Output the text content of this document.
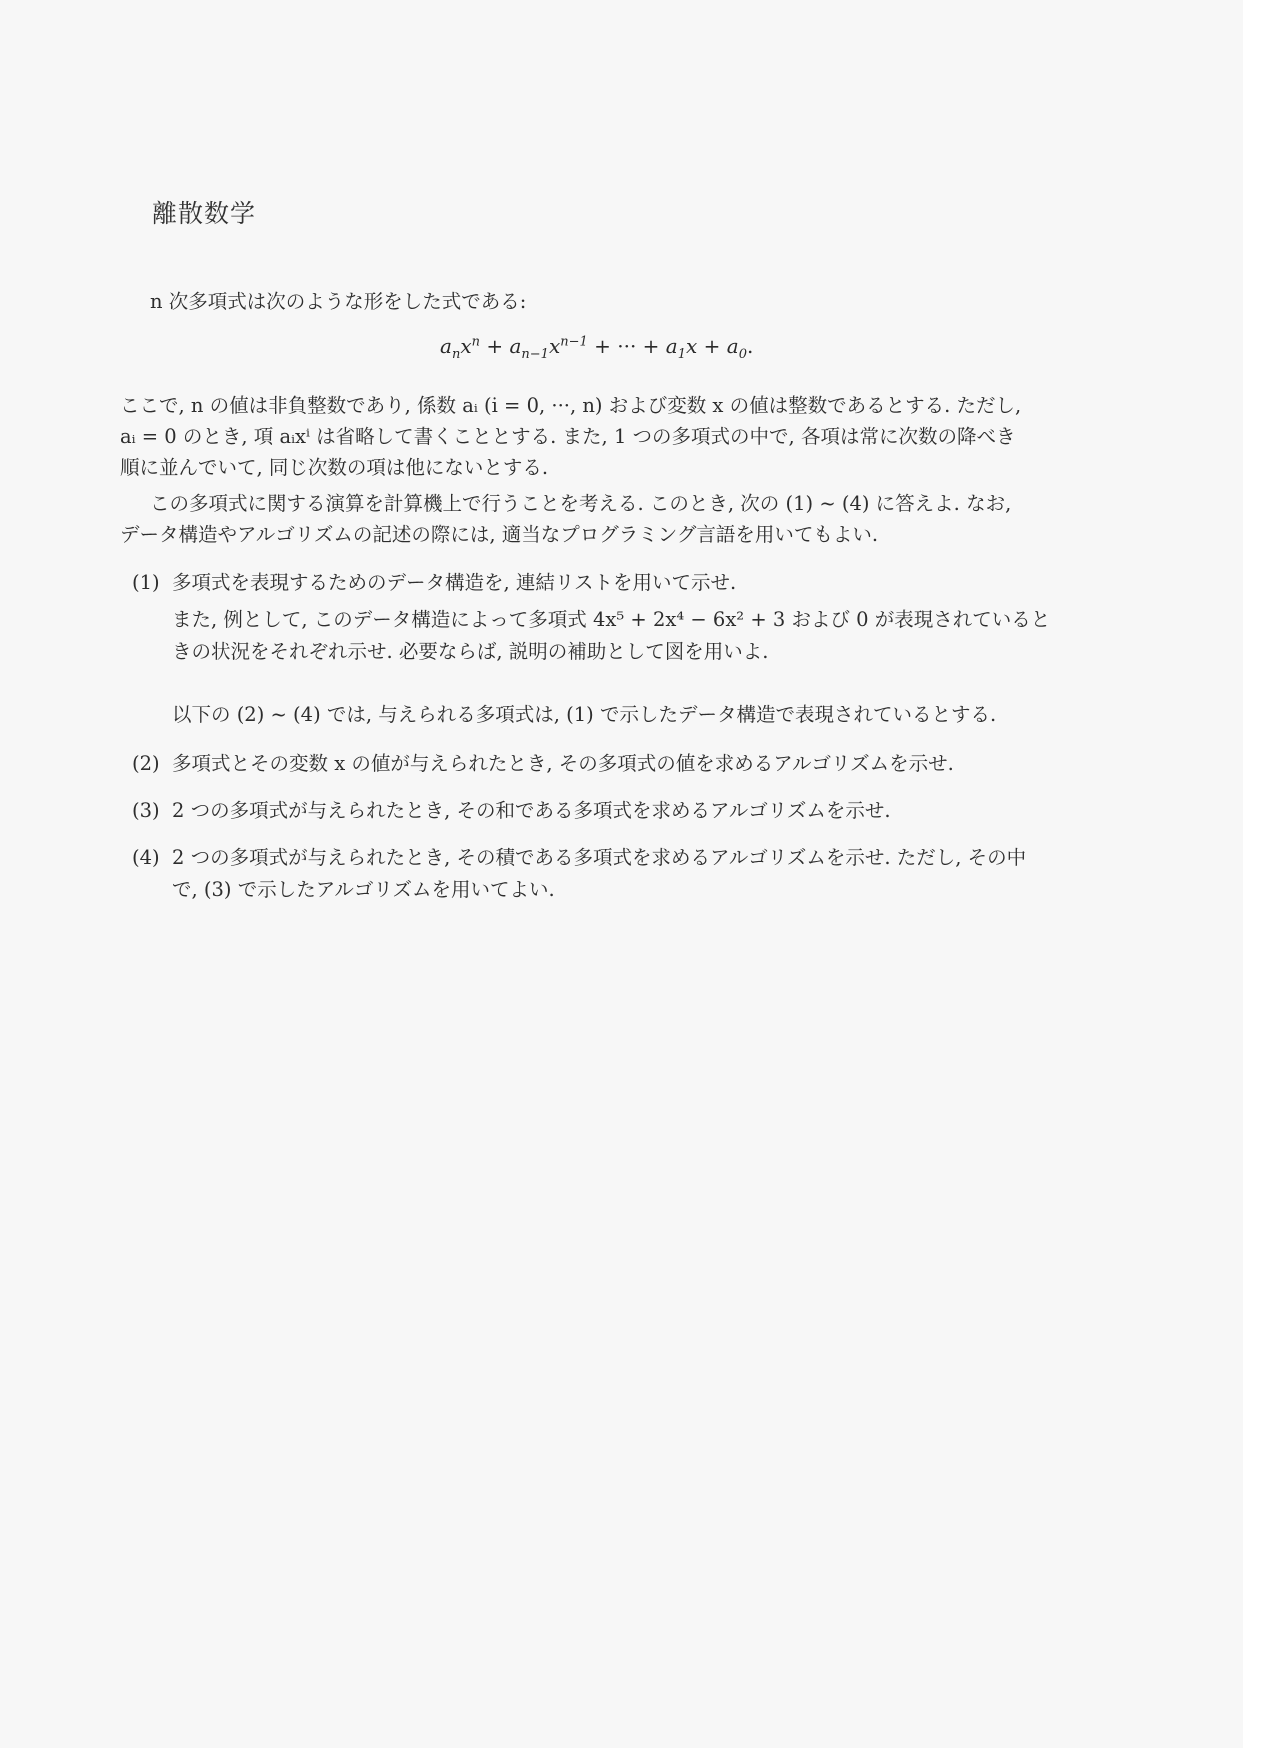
離散数学
n 次多項式は次のような形をした式である:
$a_nx^n + a_{n-1}x^{n-1}$ + ··· + $a_1x + a_0$.
ここで, n の値は非負整数であり, 係数 aᵢ (i = 0, ···, n) および変数 x の値は整数であるとする. ただし,
aᵢ = 0 のとき, 項 aᵢxⁱ は省略して書くこととする. また, 1 つの多項式の中で, 各項は常に次数の降べき
順に並んでいて, 同じ次数の項は他にないとする.
この多項式に関する演算を計算機上で行うことを考える. このとき, 次の (1) ~ (4) に答えよ. なお,
データ構造やアルゴリズムの記述の際には, 適当なプログラミング言語を用いてもよい.
(1) 多項式を表現するためのデータ構造を, 連結リストを用いて示せ.
また, 例として, このデータ構造によって多項式 4x⁵ + 2x⁴ − 6x² + 3 および 0 が表現されていると
きの状況をそれぞれ示せ. 必要ならば, 説明の補助として図を用いよ.
以下の (2) ~ (4) では, 与えられる多項式は, (1) で示したデータ構造で表現されているとする.
(2) 多項式とその変数 x の値が与えられたとき, その多項式の値を求めるアルゴリズムを示せ.
(3) 2 つの多項式が与えられたとき, その和である多項式を求めるアルゴリズムを示せ.
(4) 2 つの多項式が与えられたとき, その積である多項式を求めるアルゴリズムを示せ. ただし, その中
で, (3) で示したアルゴリズムを用いてよい.
